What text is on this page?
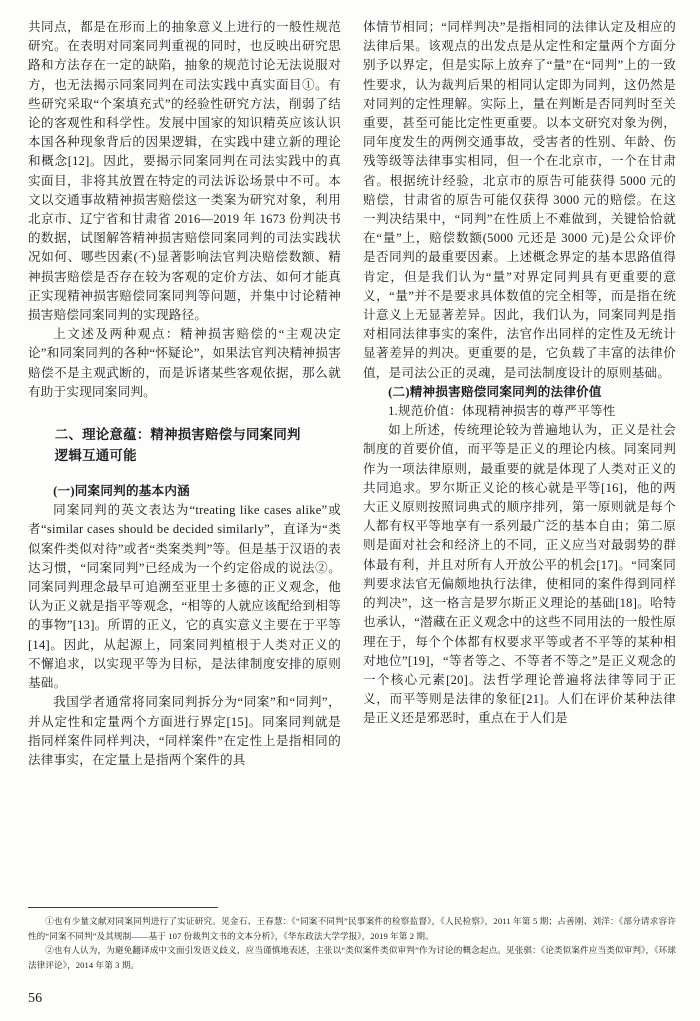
共同点，都是在形而上的抽象意义上进行的一般性规范研究。在表明对同案同判重视的同时，也反映出研究思路和方法存在一定的缺陷，抽象的规范讨论无法说服对方，也无法揭示同案同判在司法实践中真实面目①。有些研究采取“个案填充式”的经验性研究方法，削弱了结论的客观性和科学性。发展中国家的知识精英应该认识本国各种现象背后的因果逻辑，在实践中建立新的理论和概念[12]。因此，要揭示同案同判在司法实践中的真实面目，非将其放置在特定的司法诉讼场景中不可。本文以交通事故精神损害赔偿这一类案为研究对象，利用北京市、辽宁省和甘肃省 2016—2019 年 1673 份判决书的数据，试图解答精神损害赔偿同案同判的司法实践状况如何、哪些因素(不)显著影响法官判决赔偿数额、精神损害赔偿是否存在较为客观的定价方法、如何才能真正实现精神损害赔偿同案同判等问题，并集中讨论精神损害赔偿同案同判的实现路径。

上文述及两种观点：精神损害赔偿的“主观决定论”和同案同判的各种“怀疑论”，如果法官判决精神损害赔偿不是主观武断的，而是诉诸某些客观依据，那么就有助于实现同案同判。

二、理论意蕴：精神损害赔偿与同案同判

逻辑互通可能

(一)同案同判的基本内涵

同案同判的英文表达为“treating like cases alike”或者“similar cases should be decided similarly”，直译为“类似案件类似对待”或者“类案类判”等。但是基于汉语的表达习惯，“同案同判”已经成为一个约定俗成的说法②。同案同判理念最早可追溯至亚里士多德的正义观念，他认为正义就是指平等观念，“相等的人就应该配给到相等的事物”[13]。所谓的正义，它的真实意义主要在于平等[14]。因此，从起源上，同案同判植根于人类对正义的不懈追求，以实现平等为目标，是法律制度安排的原则基础。

我国学者通常将同案同判拆分为“同案”和“同判”，并从定性和定量两个方面进行界定[15]。同案同判就是指同样案件同样判决，“同样案件”在定性上是指相同的法律事实，在定量上是指两个案件的具

体情节相同；“同样判决”是指相同的法律认定及相应的法律后果。该观点的出发点是从定性和定量两个方面分别予以界定，但是实际上放弃了“量”在“同判”上的一致性要求，认为裁判后果的相同认定即为同判，这仍然是对同判的定性理解。实际上，量在判断是否同判时至关重要，甚至可能比定性更重要。以本文研究对象为例，同年度发生的两例交通事故，受害者的性别、年龄、伤残等级等法律事实相同，但一个在北京市，一个在甘肃省。根据统计经验，北京市的原告可能获得 5000 元的赔偿，甘肃省的原告可能仅获得 3000 元的赔偿。在这一判决结果中，“同判”在性质上不难做到，关键恰恰就在“量”上，赔偿数额(5000 元还是 3000 元)是公众评价是否同判的最重要因素。上述概念界定的基本思路值得肯定，但是我们认为“量”对界定同判具有更重要的意义，“量”并不是要求具体数值的完全相等，而是指在统计意义上无显著差异。因此，我们认为，同案同判是指对相同法律事实的案件，法官作出同样的定性及无统计显著差异的判决。更重要的是，它负载了丰富的法律价值，是司法公正的灵魂，是司法制度设计的原则基础。

(二)精神损害赔偿同案同判的法律价值

1.规范价值：体现精神损害的尊严平等性

如上所述，传统理论较为普遍地认为，正义是社会制度的首要价值，而平等是正义的理论内核。同案同判作为一项法律原则，最重要的就是体现了人类对正义的共同追求。罗尔斯正义论的核心就是平等[16]，他的两大正义原则按照词典式的顺序排列，第一原则就是每个人都有权平等地享有一系列最广泛的基本自由；第二原则是面对社会和经济上的不同，正义应当对最弱势的群体最有利，并且对所有人开放公平的机会[17]。“同案同判要求法官无偏颇地执行法律，使相同的案件得到同样的判决”，这一格言是罗尔斯正义理论的基础[18]。哈特也承认，“潜藏在正义观念中的这些不同用法的一般性原理在于，每个个体都有权要求平等或者不平等的某种相对地位”[19]，“等者等之、不等者不等之”是正义观念的一个核心元素[20]。法哲学理论普遍将法律等同于正义，而平等则是法律的象征[21]。人们在评价某种法律是正义还是邪恶时，重点在于人们是

①也有少量文献对同案同判进行了实证研究。见金石、王春慧：《“同案不同判”民事案件的检察监督》，《人民检察》，2011 年第 5 期；占善刚、刘洋：《部分请求容许性的“同案不同判”及其规制——基于 107 份裁判文书的文本分析》，《华东政法大学学报》，2019 年第 2 期。

②也有人认为，为避免翻译成中文面引发语义歧义，应当谨慎地表述，主张以“类似案件类似审判”作为讨论的概念起点。见张骐：《论类似案件应当类似审判》，《环球法律评论》，2014 年第 3 期。

56
